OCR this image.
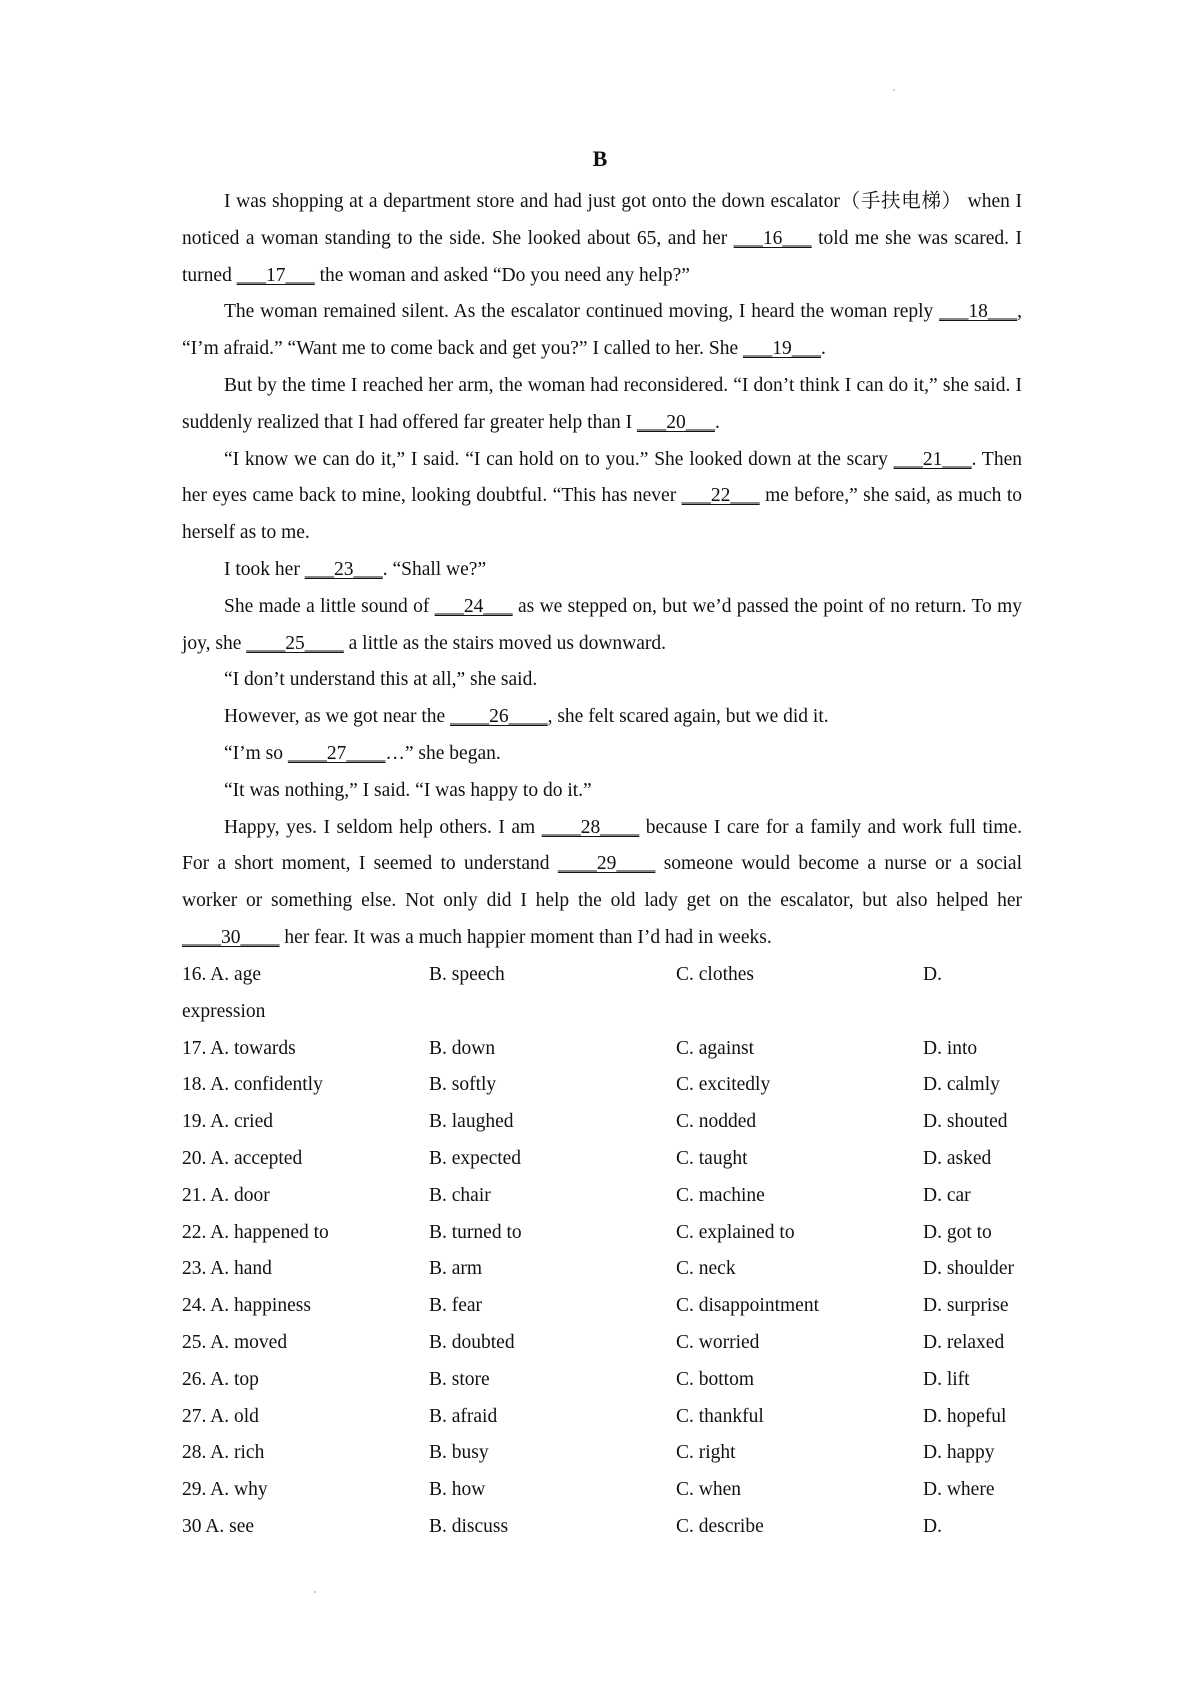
B

I was shopping at a department store and had just got onto the down escalator（手扶电梯） when I noticed a woman standing to the side. She looked about 65, and her ___16___ told me she was scared. I turned ___17___ the woman and asked “Do you need any help?”

The woman remained silent. As the escalator continued moving, I heard the woman reply ___18___, “I’m afraid.” “Want me to come back and get you?” I called to her. She ___19___.

But by the time I reached her arm, the woman had reconsidered. “I don’t think I can do it,” she said. I suddenly realized that I had offered far greater help than I ___20___.

“I know we can do it,” I said. “I can hold on to you.” She looked down at the scary ___21___. Then her eyes came back to mine, looking doubtful. “This has never ___22___ me before,” she said, as much to herself as to me.

I took her ___23___. “Shall we?”

She made a little sound of ___24___ as we stepped on, but we’d passed the point of no return. To my joy, she ____25____ a little as the stairs moved us downward.

“I don’t understand this at all,” she said.

However, as we got near the ____26____, she felt scared again, but we did it.

“I’m so ____27____…” she began.

“It was nothing,” I said. “I was happy to do it.”

Happy, yes. I seldom help others. I am ____28____ because I care for a family and work full time. For a short moment, I seemed to understand ____29____ someone would become a nurse or a social worker or something else. Not only did I help the old lady get on the escalator, but also helped her ____30____ her fear. It was a much happier moment than I’d had in weeks.

16. A. age	B. speech	C. clothes	D.
expression
17. A. towards	B. down	C. against	D. into
18. A. confidently	B. softly	C. excitedly	D. calmly
19. A. cried	B. laughed	C. nodded	D. shouted
20. A. accepted	B. expected	C. taught	D. asked
21. A. door	B. chair	C. machine	D. car
22. A. happened to	B. turned to	C. explained to	D. got to
23. A. hand	B. arm	C. neck	D. shoulder
24. A. happiness	B. fear	C. disappointment	D. surprise
25. A. moved	B. doubted	C. worried	D. relaxed
26. A. top	B. store	C. bottom	D. lift
27. A. old	B. afraid	C. thankful	D. hopeful
28. A. rich	B. busy	C. right	D. happy
29. A. why	B. how	C. when	D. where
30 A. see	B. discuss	C. describe	D.
